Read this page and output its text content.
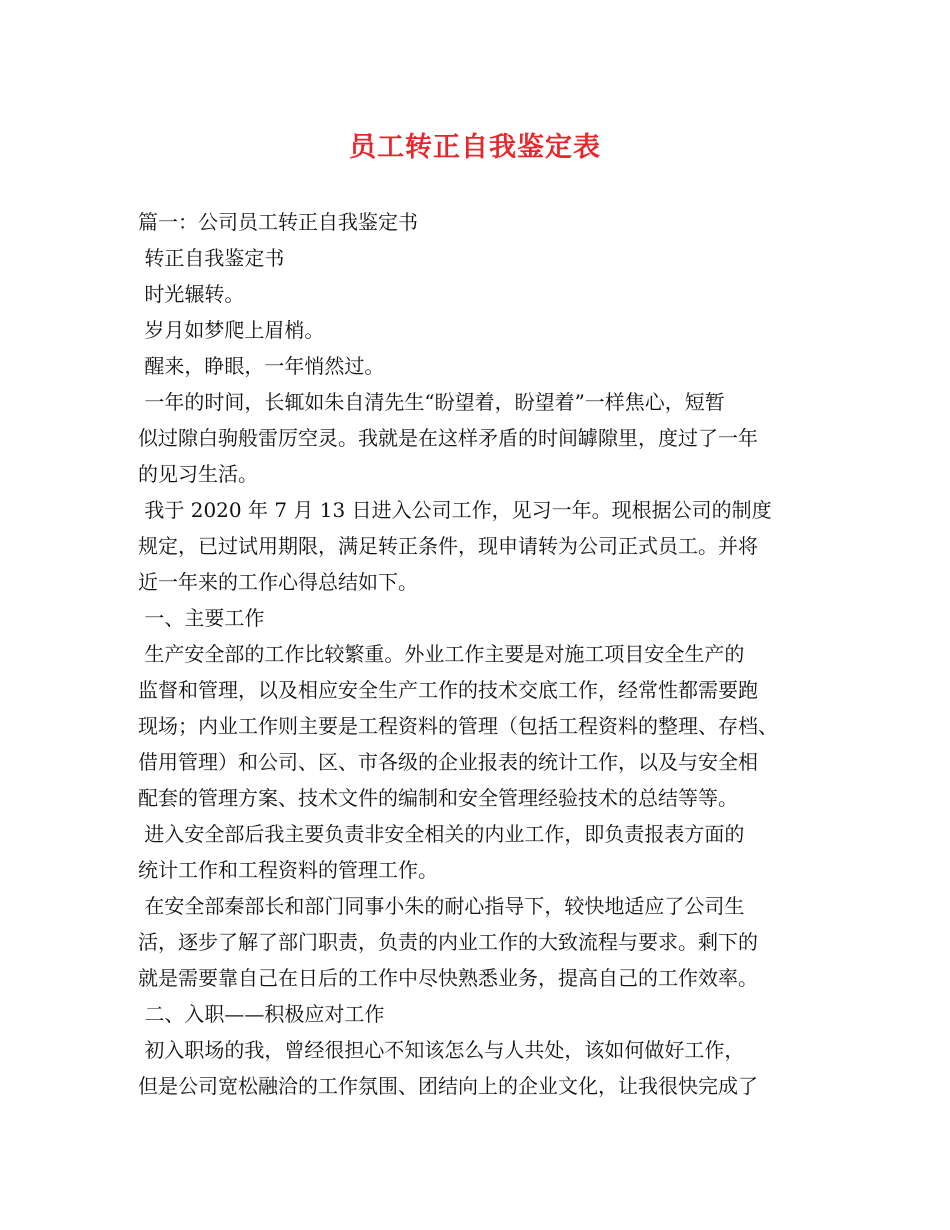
员工转正自我鉴定表
篇一：公司员工转正自我鉴定书
转正自我鉴定书
时光辗转。
岁月如梦爬上眉梢。
醒来，睁眼，一年悄然过。
一年的时间，长辄如朱自清先生“盼望着，盼望着”一样焦心，短暂
似过隙白驹般雷厉空灵。我就是在这样矛盾的时间罅隙里，度过了一年
的见习生活。
我于 2020 年 7 月 13 日进入公司工作，见习一年。现根据公司的制度
规定，已过试用期限，满足转正条件，现申请转为公司正式员工。并将
近一年来的工作心得总结如下。
一、主要工作
生产安全部的工作比较繁重。外业工作主要是对施工项目安全生产的
监督和管理，以及相应安全生产工作的技术交底工作，经常性都需要跑
现场；内业工作则主要是工程资料的管理（包括工程资料的整理、存档、
借用管理）和公司、区、市各级的企业报表的统计工作，以及与安全相
配套的管理方案、技术文件的编制和安全管理经验技术的总结等等。
进入安全部后我主要负责非安全相关的内业工作，即负责报表方面的
统计工作和工程资料的管理工作。
在安全部秦部长和部门同事小朱的耐心指导下，较快地适应了公司生
活，逐步了解了部门职责，负责的内业工作的大致流程与要求。剩下的
就是需要靠自己在日后的工作中尽快熟悉业务，提高自己的工作效率。
二、入职——积极应对工作
初入职场的我，曾经很担心不知该怎么与人共处，该如何做好工作，
但是公司宽松融洽的工作氛围、团结向上的企业文化，让我很快完成了
